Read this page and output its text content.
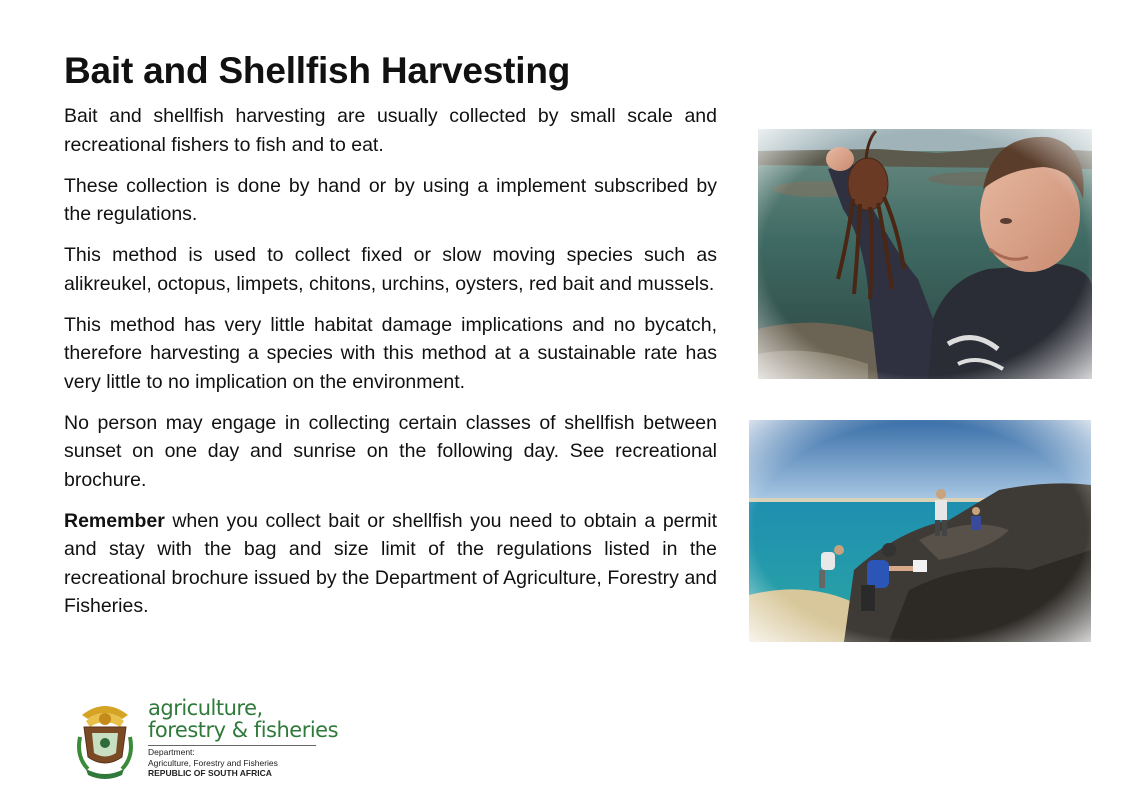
Bait and Shellfish Harvesting

Bait and shellfish harvesting are usually collected by small scale and recreational fishers to fish and to eat.

These collection is done by hand or by using a implement subscribed by the regulations.

This method is used to collect fixed or slow moving species such as alikreukel, octopus, limpets, chitons, urchins, oysters, red bait and mussels.

This method has very little habitat damage implications and no bycatch, therefore harvesting a species with this method at a sustainable rate has very little to no implication on the environment.

No person may engage in collecting certain classes of shellfish between sunset on one day and sunrise on the following day. See recreational brochure.

Remember when you collect bait or shellfish you need to obtain a permit and stay with the bag and size limit of the regulations listed in the recreational brochure issued by the Department of Agriculture, Forestry and Fisheries.

agriculture,
forestry & fisheries
Department:
Agriculture, Forestry and Fisheries
REPUBLIC OF SOUTH AFRICA
